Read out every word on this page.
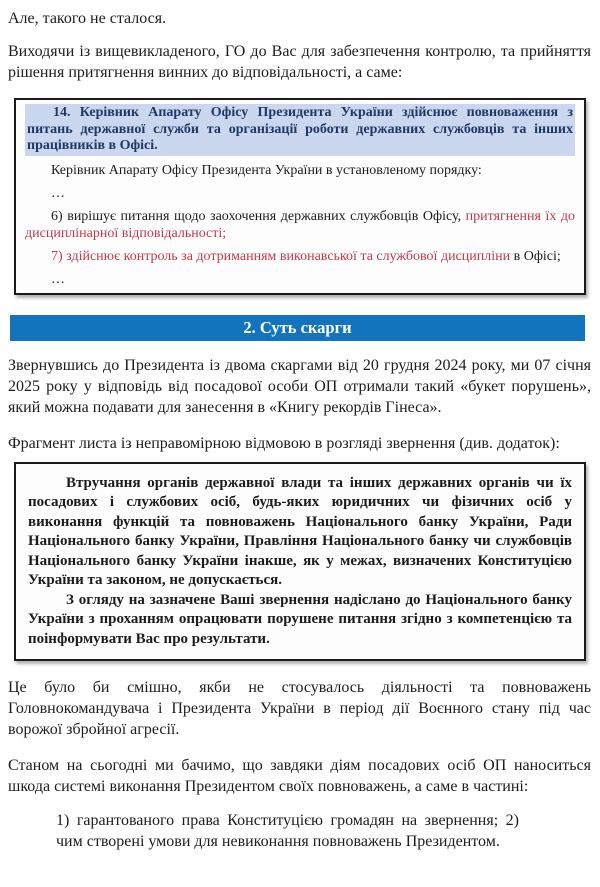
Але, такого не сталося.

Виходячи із вищевикладеного, ГО до Вас для забезпечення контролю, та прийняття рішення притягнення винних до відповідальності, а саме:

14. Керівник Апарату Офісу Президента України здійснює повноваження з питань державної служби та організації роботи державних службовців та інших працівників в Офісі.

Керівник Апарату Офісу Президента України в установленому порядку:

…

6) вирішує питання щодо заохочення державних службовців Офісу, притягнення їх до дисциплінарної відповідальності;

7) здійснює контроль за дотриманням виконавської та службової дисципліни в Офісі;

…

2. Суть скарги

Звернувшись до Президента із двома скаргами від 20 грудня 2024 року, ми 07 січня 2025 року у відповідь від посадової особи ОП отримали такий «букет порушень», який можна подавати для занесення в «Книгу рекордів Гінеса».

Фрагмент листа із неправомірною відмовою в розгляді звернення (див. додаток):

Втручання органів державної влади та інших державних органів чи їх посадових і службових осіб, будь-яких юридичних чи фізичних осіб у виконання функцій та повноважень Національного банку України, Ради Національного банку України, Правління Національного банку чи службовців Національного банку України інакше, як у межах, визначених Конституцією України та законом, не допускається.

З огляду на зазначене Ваші звернення надіслано до Національного банку України з проханням опрацювати порушене питання згідно з компетенцією та поінформувати Вас про результати.

Це було би смішно, якби не стосувалось діяльності та повноважень Головнокомандувача і Президента України в період дії Воєнного стану під час ворожої збройної агресії.

Станом на сьогодні ми бачимо, що завдяки діям посадових осіб ОП наноситься шкода системі виконання Президентом своїх повноважень, а саме в частині:

1) гарантованого права Конституцією громадян на звернення; 2) чим створені умови для невиконання повноважень Президентом.
